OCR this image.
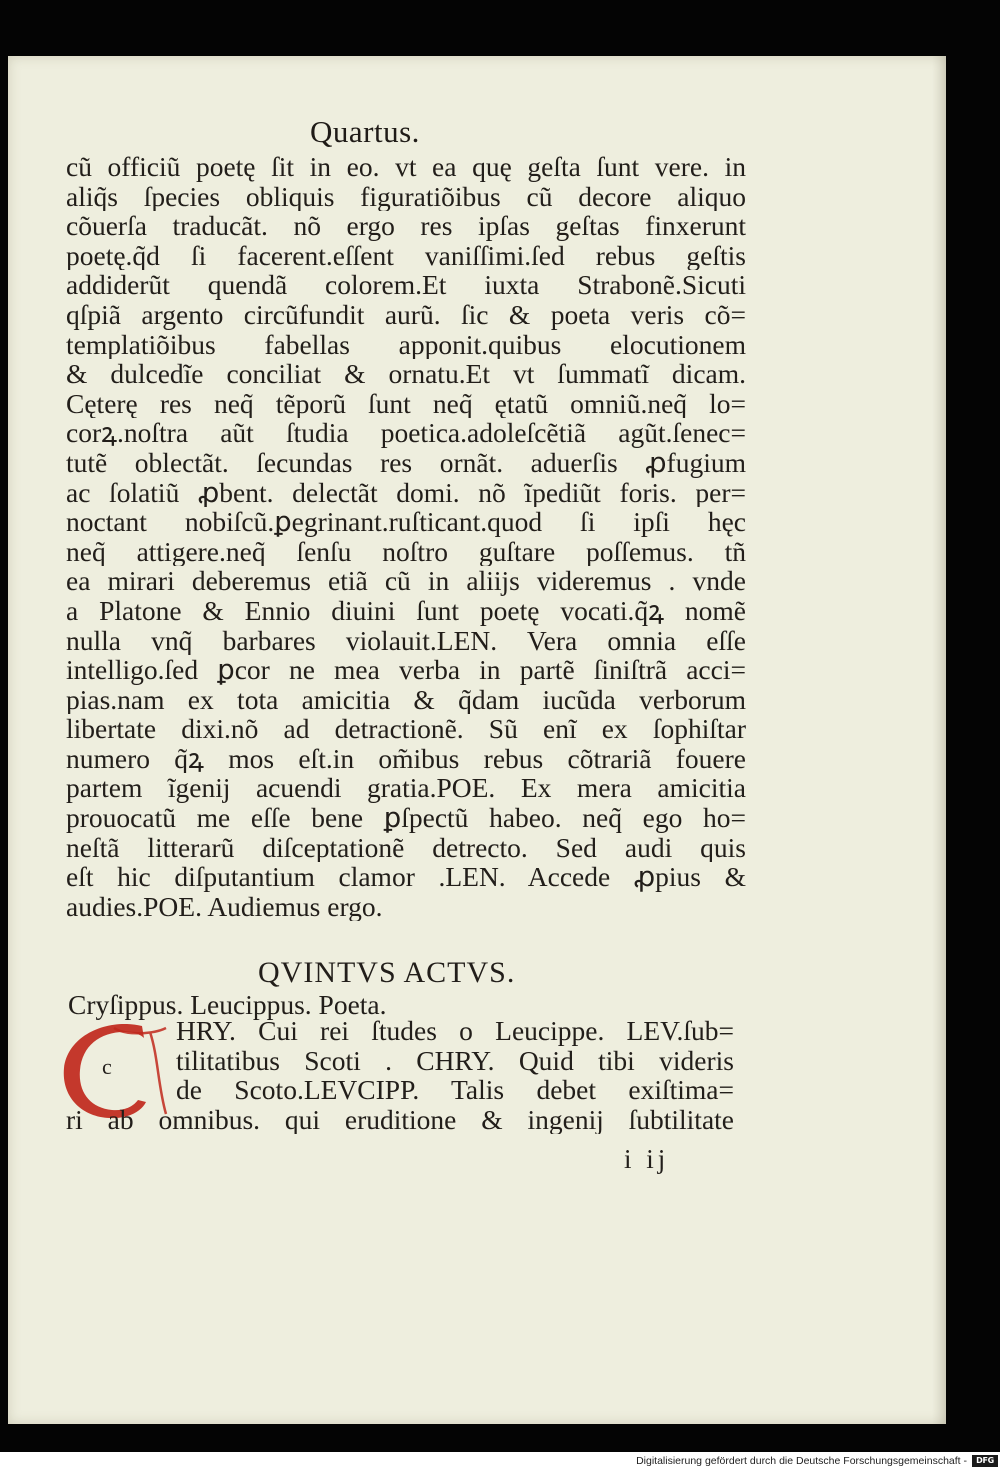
Quartus.
cũ officiũ poetę ſit in eo. vt ea quę geſta ſunt vere. in
aliq̃s ſpecies obliquis figuratiõibus cũ decore aliquo
cõuerſa traducãt. nõ ergo res ipſas geſtas finxerunt
poetę.q̃d ſi facerent.eſſent vaniſſimi.ſed rebus geſtis
addiderũt quendã colorem.Et iuxta Strabonẽ.Sicuti
qſpiã argento circũfundit aurũ. ſic & poeta veris cõ=
templatiõibus fabellas apponit.quibus elocutionem
& dulcedĩe conciliat & ornatu.Et vt ſummatĩ dicam.
Cęterę res neq̃ tẽporũ ſunt neq̃ ętatũ omniũ.neq̃ lo=
corꝝ.noſtra aũt ſtudia poetica.adoleſcẽtiã agũt.ſenec=
tutẽ oblectãt. ſecundas res ornãt. aduerſis ꝓfugium
ac ſolatiũ ꝓbent. delectãt domi. nõ ĩpediũt foris. per=
noctant nobiſcũ.ꝑegrinant.ruſticant.quod ſi ipſi hęc
neq̃ attigere.neq̃ ſenſu noſtro guſtare poſſemus. tñ
ea mirari deberemus etiã cũ in aliĳs videremus . vnde
a Platone & Ennio diuini ſunt poetę vocati.q̃ꝝ nomẽ
nulla vnq̃ barbares violauit.LEN. Vera omnia eſſe
intelligo.ſed ꝑcor ne mea verba in partẽ ſiniſtrã acci=
pias.nam ex tota amicitia & q̃dam iucũda verborum
libertate dixi.nõ ad detractionẽ. Sũ enĩ ex ſophiſtar
numero q̃ꝝ mos eſt.in om̃ibus rebus cõtrariã fouere
partem ĩgenĳ acuendi gratia.POE. Ex mera amicitia
prouocatũ me eſſe bene ꝑſpectũ habeo. neq̃ ego ho=
neſtã litterarũ diſceptationẽ detrecto. Sed audi quis
eſt hic diſputantium clamor .LEN. Accede ꝓpius &
audies.POE. Audiemus ergo.
QVINTVS ACTVS.
Cryſippus. Leucippus. Poeta.
c
HRY. Cui rei ſtudes o Leucippe. LEV.ſub=
tilitatibus Scoti . CHRY. Quid tibi videris
de Scoto.LEVCIPP. Talis debet exiſtima=
ri ab omnibus. qui eruditione & ingenĳ ſubtilitate
i ij
Digitalisierung gefördert durch die Deutsche Forschungsgemeinschaft -	DFG
